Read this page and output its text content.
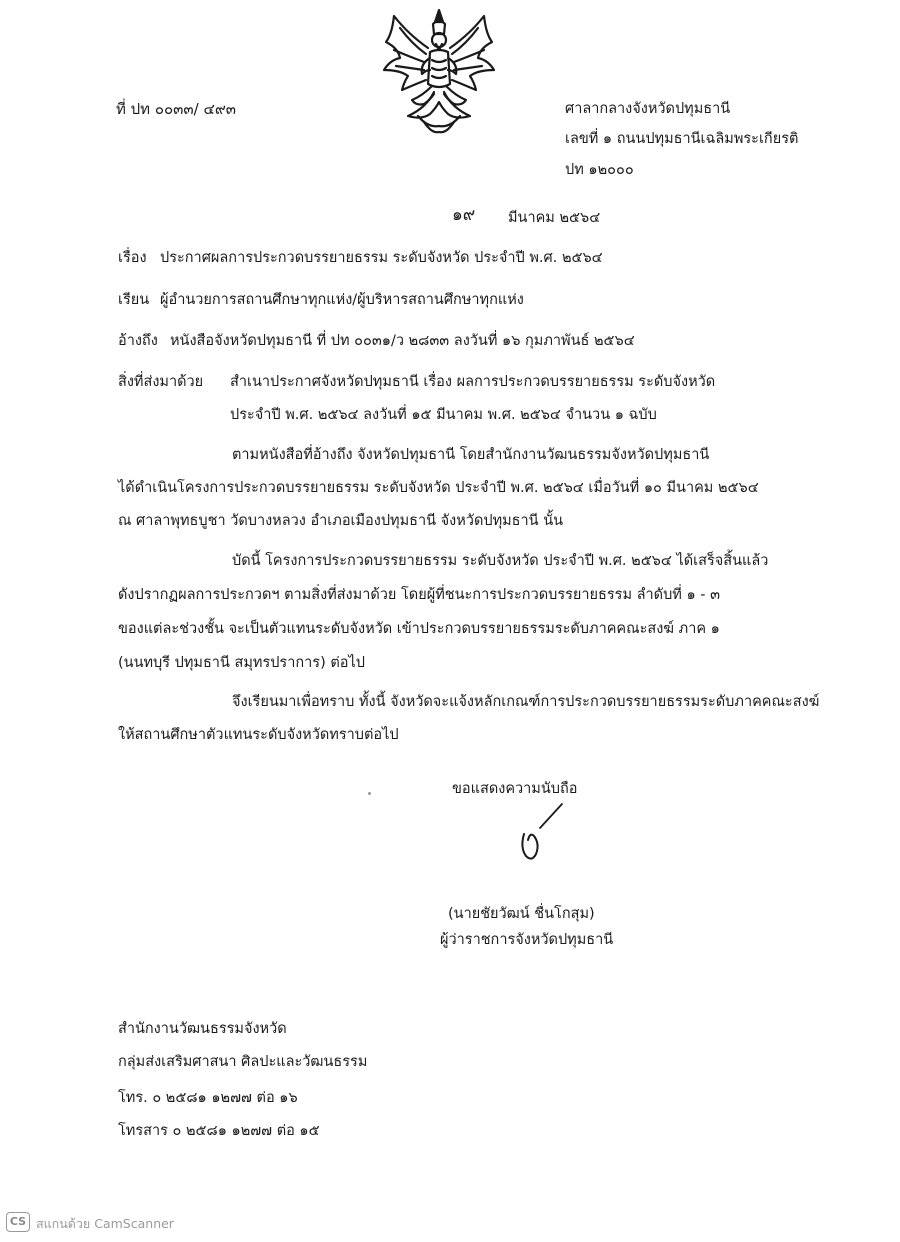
ที่ ปท ๐๐๓๓/ ๔๙๓	ศาลากลางจังหวัดปทุมธานี
เลขที่ ๑ ถนนปทุมธานีเฉลิมพระเกียรติ
ปท ๑๒๐๐๐
๑๙ มีนาคม ๒๕๖๔
เรื่อง ประกาศผลการประกวดบรรยายธรรม ระดับจังหวัด ประจำปี พ.ศ. ๒๕๖๔
เรียน ผู้อำนวยการสถานศึกษาทุกแห่ง/ผู้บริหารสถานศึกษาทุกแห่ง
อ้างถึง หนังสือจังหวัดปทุมธานี ที่ ปท ๐๐๓๑/ว ๒๘๓๓ ลงวันที่ ๑๖ กุมภาพันธ์ ๒๕๖๔
สิ่งที่ส่งมาด้วย สำเนาประกาศจังหวัดปทุมธานี เรื่อง ผลการประกวดบรรยายธรรม ระดับจังหวัด
ประจำปี พ.ศ. ๒๕๖๔ ลงวันที่ ๑๕ มีนาคม พ.ศ. ๒๕๖๔ จำนวน ๑ ฉบับ
ตามหนังสือที่อ้างถึง จังหวัดปทุมธานี โดยสำนักงานวัฒนธรรมจังหวัดปทุมธานี
ได้ดำเนินโครงการประกวดบรรยายธรรม ระดับจังหวัด ประจำปี พ.ศ. ๒๕๖๔ เมื่อวันที่ ๑๐ มีนาคม ๒๕๖๔
ณ ศาลาพุทธบูชา วัดบางหลวง อำเภอเมืองปทุมธานี จังหวัดปทุมธานี นั้น
บัดนี้ โครงการประกวดบรรยายธรรม ระดับจังหวัด ประจำปี พ.ศ. ๒๕๖๔ ได้เสร็จสิ้นแล้ว
ดังปรากฏผลการประกวดฯ ตามสิ่งที่ส่งมาด้วย โดยผู้ที่ชนะการประกวดบรรยายธรรม ลำดับที่ ๑ - ๓
ของแต่ละช่วงชั้น จะเป็นตัวแทนระดับจังหวัด เข้าประกวดบรรยายธรรมระดับภาคคณะสงฆ์ ภาค ๑
(นนทบุรี ปทุมธานี สมุทรปราการ) ต่อไป
จึงเรียนมาเพื่อทราบ ทั้งนี้ จังหวัดจะแจ้งหลักเกณฑ์การประกวดบรรยายธรรมระดับภาคคณะสงฆ์
ให้สถานศึกษาตัวแทนระดับจังหวัดทราบต่อไป
ขอแสดงความนับถือ
(นายชัยวัฒน์ ชื่นโกสุม)
ผู้ว่าราชการจังหวัดปทุมธานี
สำนักงานวัฒนธรรมจังหวัด
กลุ่มส่งเสริมศาสนา ศิลปะและวัฒนธรรม
โทร. ๐ ๒๕๘๑ ๑๒๗๗ ต่อ ๑๖
โทรสาร ๐ ๒๕๘๑ ๑๒๗๗ ต่อ ๑๕
CS สแกนด้วย CamScanner
